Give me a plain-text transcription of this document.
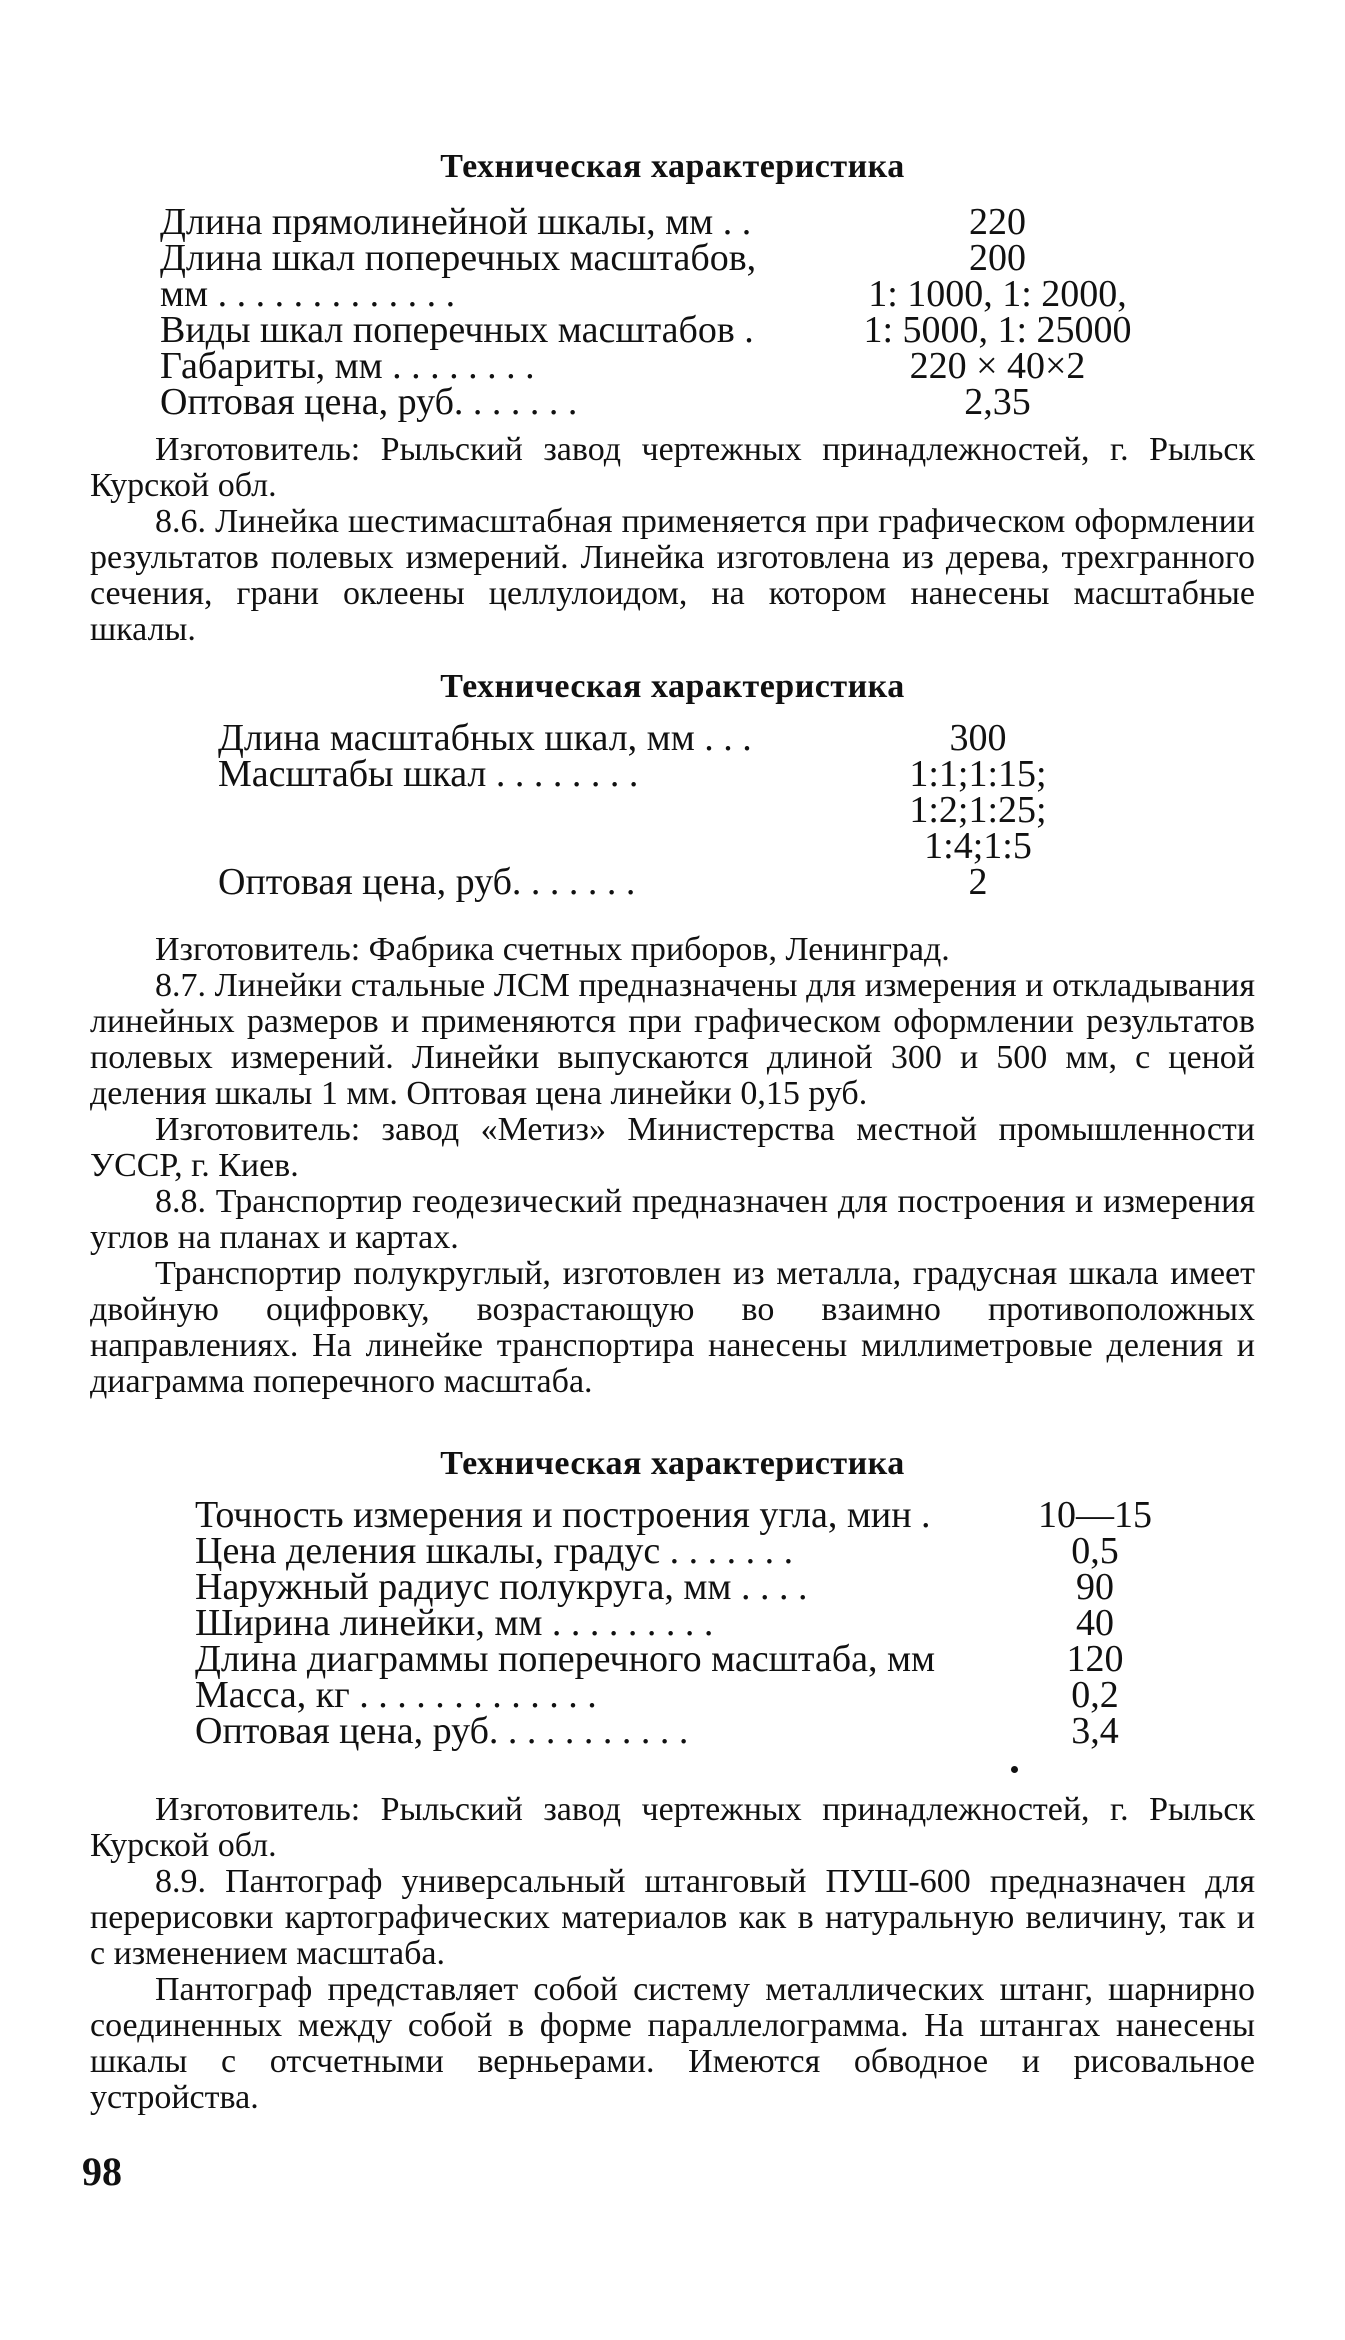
Техническая характеристика
Длина прямолинейной шкалы, мм . .	220
Длина шкал поперечных масштабов,	200
мм . . . . . . . . . . . . .	1: 1000, 1: 2000,
Виды шкал поперечных масштабов .	1: 5000, 1: 25000
Габариты, мм . . . . . . . .	220 × 40×2
Оптовая цена, руб. . . . . . .	2,35

Изготовитель: Рыльский завод чертежных принадлежностей, г. Рыльск Курской обл.

8.6. Линейка шестимасштабная применяется при графическом оформлении результатов полевых измерений. Линейка изготовлена из дерева, трехгранного сечения, грани оклеены целлулоидом, на котором нанесены масштабные шкалы.

Техническая характеристика
Длина масштабных шкал, мм . . .	300
Масштабы шкал . . . . . . . .	1:1;1:15;
1:2;1:25;
1:4;1:5
Оптовая цена, руб. . . . . . .	2

Изготовитель: Фабрика счетных приборов, Ленинград.

8.7. Линейки стальные ЛСМ предназначены для измерения и откладывания линейных размеров и применяются при графическом оформлении результатов полевых измерений. Линейки выпускаются длиной 300 и 500 мм, с ценой деления шкалы 1 мм. Оптовая цена линейки 0,15 руб.

Изготовитель: завод «Метиз» Министерства местной промышленности УССР, г. Киев.

8.8. Транспортир геодезический предназначен для построения и измерения углов на планах и картах.

Транспортир полукруглый, изготовлен из металла, градусная шкала имеет двойную оцифровку, возрастающую во взаимно противоположных направлениях. На линейке транспортира нанесены миллиметровые деления и диаграмма поперечного масштаба.

Техническая характеристика
Точность измерения и построения угла, мин .	10—15
Цена деления шкалы, градус . . . . . . .	0,5
Наружный радиус полукруга, мм . . . .	90
Ширина линейки, мм . . . . . . . . .	40
Длина диаграммы поперечного масштаба, мм	120
Масса, кг . . . . . . . . . . . . .	0,2
Оптовая цена, руб. . . . . . . . . . .	3,4

Изготовитель: Рыльский завод чертежных принадлежностей, г. Рыльск Курской обл.

8.9. Пантограф универсальный штанговый ПУШ-600 предназначен для перерисовки картографических материалов как в натуральную величину, так и с изменением масштаба.

Пантограф представляет собой систему металлических штанг, шарнирно соединенных между собой в форме параллелограмма. На штангах нанесены шкалы с отсчетными верньерами. Имеются обводное и рисовальное устройства.

98
